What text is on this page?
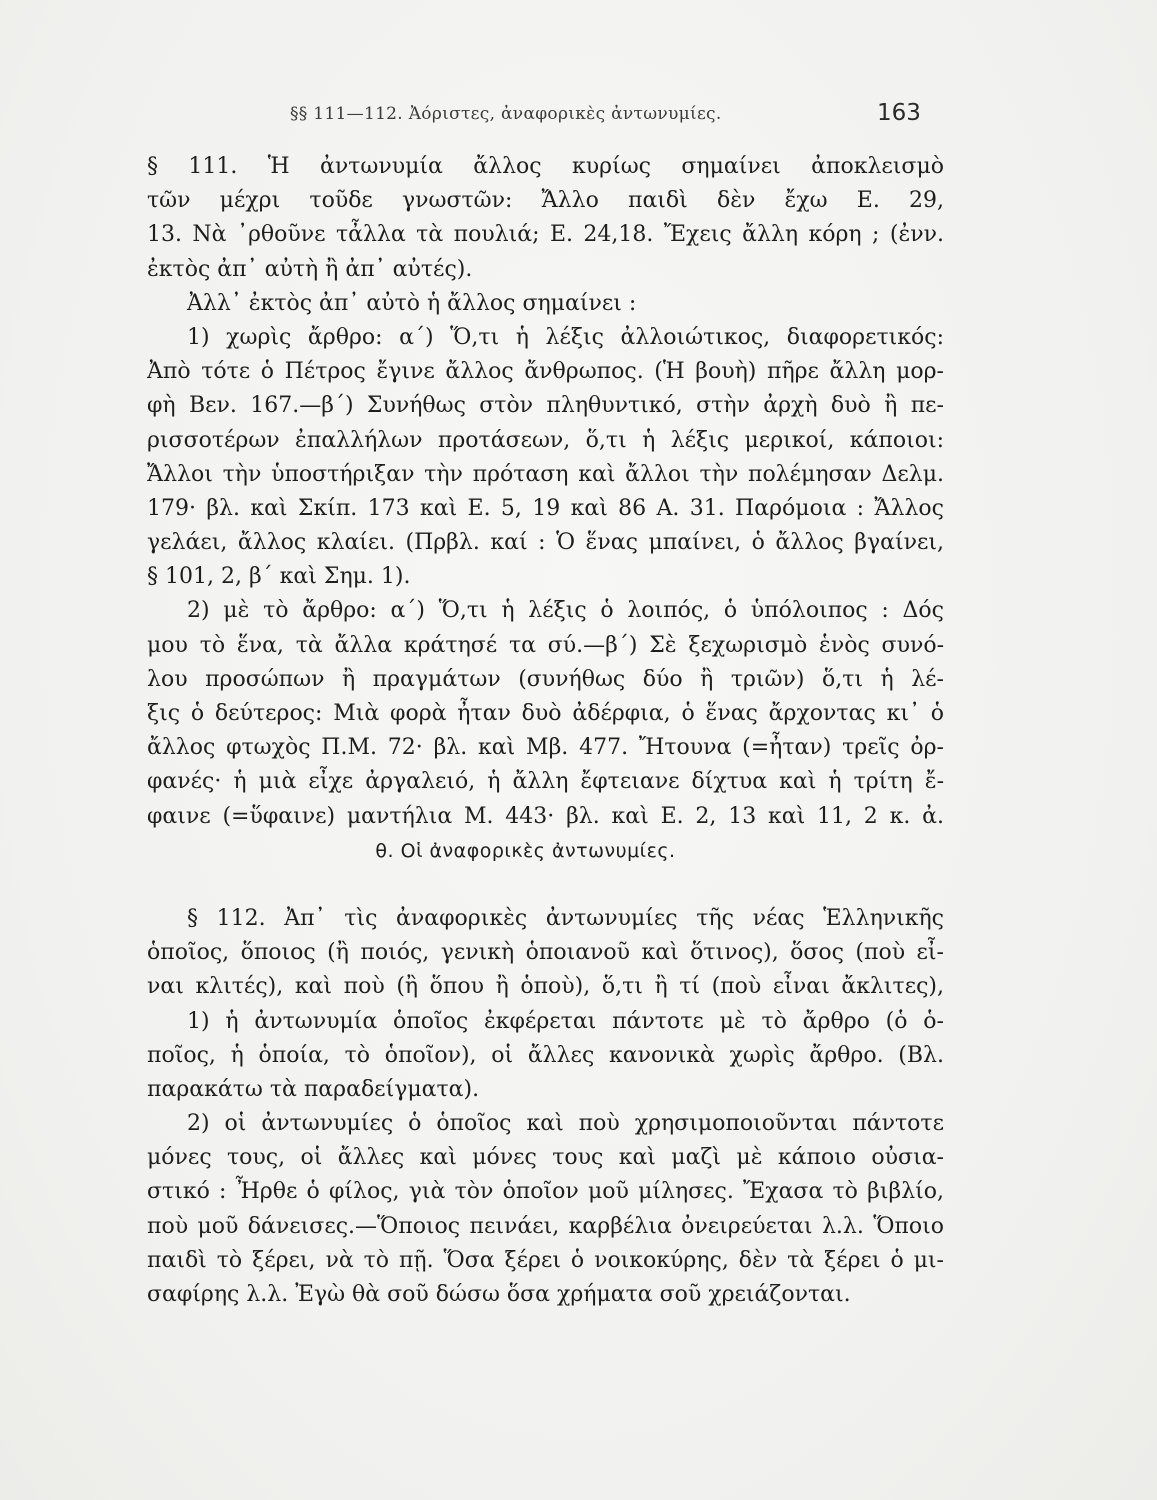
§§ 111—112. Ἀόριστες, ἀναφορικὲς ἀντωνυμίες.	163
§ 111. Ἡ ἀντωνυμία ἄλλος κυρίως σημαίνει ἀποκλεισμὸ
τῶν μέχρι τοῦδε γνωστῶν: Ἄλλο παιδὶ δὲν ἔχω Ε. 29,
13. Νὰ ᾽ρθοῦνε τἆλλα τὰ πουλιά; Ε. 24,18. Ἔχεις ἄλλη κόρη ; (ἐνν.
ἐκτὸς ἀπ᾽ αὐτὴ ἢ ἀπ᾽ αὐτές).
Ἀλλ᾽ ἐκτὸς ἀπ᾽ αὐτὸ ἡ ἄλλος σημαίνει :
1) χωρὶς ἄρθρο: α΄) Ὅ,τι ἡ λέξις ἀλλοιώτικος, διαφορετικός:
Ἀπὸ τότε ὁ Πέτρος ἔγινε ἄλλος ἄνθρωπος. (Ἡ βουὴ) πῆρε ἄλλη μορ-
φὴ Βεν. 167.—β΄) Συνήθως στὸν πληθυντικό, στὴν ἀρχὴ δυὸ ἢ πε-
ρισσοτέρων ἐπαλλήλων προτάσεων, ὅ,τι ἡ λέξις μερικοί, κάποιοι:
Ἄλλοι τὴν ὑποστήριξαν τὴν πρόταση καὶ ἄλλοι τὴν πολέμησαν Δελμ.
179· βλ. καὶ Σκίπ. 173 καὶ Ε. 5, 19 καὶ 86 Α. 31. Παρόμοια : Ἄλλος
γελάει, ἄλλος κλαίει. (Πρβλ. καί : Ὁ ἕνας μπαίνει, ὁ ἄλλος βγαίνει,
§ 101, 2, β΄ καὶ Σημ. 1).
2) μὲ τὸ ἄρθρο: α΄) Ὅ,τι ἡ λέξις ὁ λοιπός, ὁ ὑπόλοιπος : Δός
μου τὸ ἕνα, τὰ ἄλλα κράτησέ τα σύ.—β΄) Σὲ ξεχωρισμὸ ἑνὸς συνό-
λου προσώπων ἢ πραγμάτων (συνήθως δύο ἢ τριῶν) ὅ,τι ἡ λέ-
ξις ὁ δεύτερος: Μιὰ φορὰ ἦταν δυὸ ἀδέρφια, ὁ ἕνας ἄρχοντας κι᾽ ὁ
ἄλλος φτωχὸς Π.Μ. 72· βλ. καὶ Μβ. 477. Ἤτουνα (=ἦταν) τρεῖς ὀρ-
φανές· ἡ μιὰ εἶχε ἀργαλειό, ἡ ἄλλη ἔφτειανε δίχτυα καὶ ἡ τρίτη ἔ-
φαινε (=ὕφαινε) μαντήλια Μ. 443· βλ. καὶ Ε. 2, 13 καὶ 11, 2 κ. ἀ.
θ. Οἱ ἀναφορικὲς ἀντωνυμίες.
§ 112. Ἀπ᾽ τὶς ἀναφορικὲς ἀντωνυμίες τῆς νέας Ἑλληνικῆς
ὁποῖος, ὅποιος (ἢ ποιός, γενικὴ ὁποιανοῦ καὶ ὅτινος), ὅσος (ποὺ εἶ-
ναι κλιτές), καὶ ποὺ (ἢ ὅπου ἢ ὁποὺ), ὅ,τι ἢ τί (ποὺ εἶναι ἄκλιτες),
1) ἡ ἀντωνυμία ὁποῖος ἐκφέρεται πάντοτε μὲ τὸ ἄρθρο (ὁ ὁ-
ποῖος, ἡ ὁποία, τὸ ὁποῖον), οἱ ἄλλες κανονικὰ χωρὶς ἄρθρο. (Βλ.
παρακάτω τὰ παραδείγματα).
2) οἱ ἀντωνυμίες ὁ ὁποῖος καὶ ποὺ χρησιμοποιοῦνται πάντοτε
μόνες τους, οἱ ἄλλες καὶ μόνες τους καὶ μαζὶ μὲ κάποιο οὐσια-
στικό : Ἦρθε ὁ φίλος, γιὰ τὸν ὁποῖον μοῦ μίλησες. Ἔχασα τὸ βιβλίο,
ποὺ μοῦ δάνεισες.—Ὅποιος πεινάει, καρβέλια ὀνειρεύεται λ.λ. Ὅποιο
παιδὶ τὸ ξέρει, νὰ τὸ πῇ. Ὅσα ξέρει ὁ νοικοκύρης, δὲν τὰ ξέρει ὁ μι-
σαφίρης λ.λ. Ἐγὼ θὰ σοῦ δώσω ὅσα χρήματα σοῦ χρειάζονται.
